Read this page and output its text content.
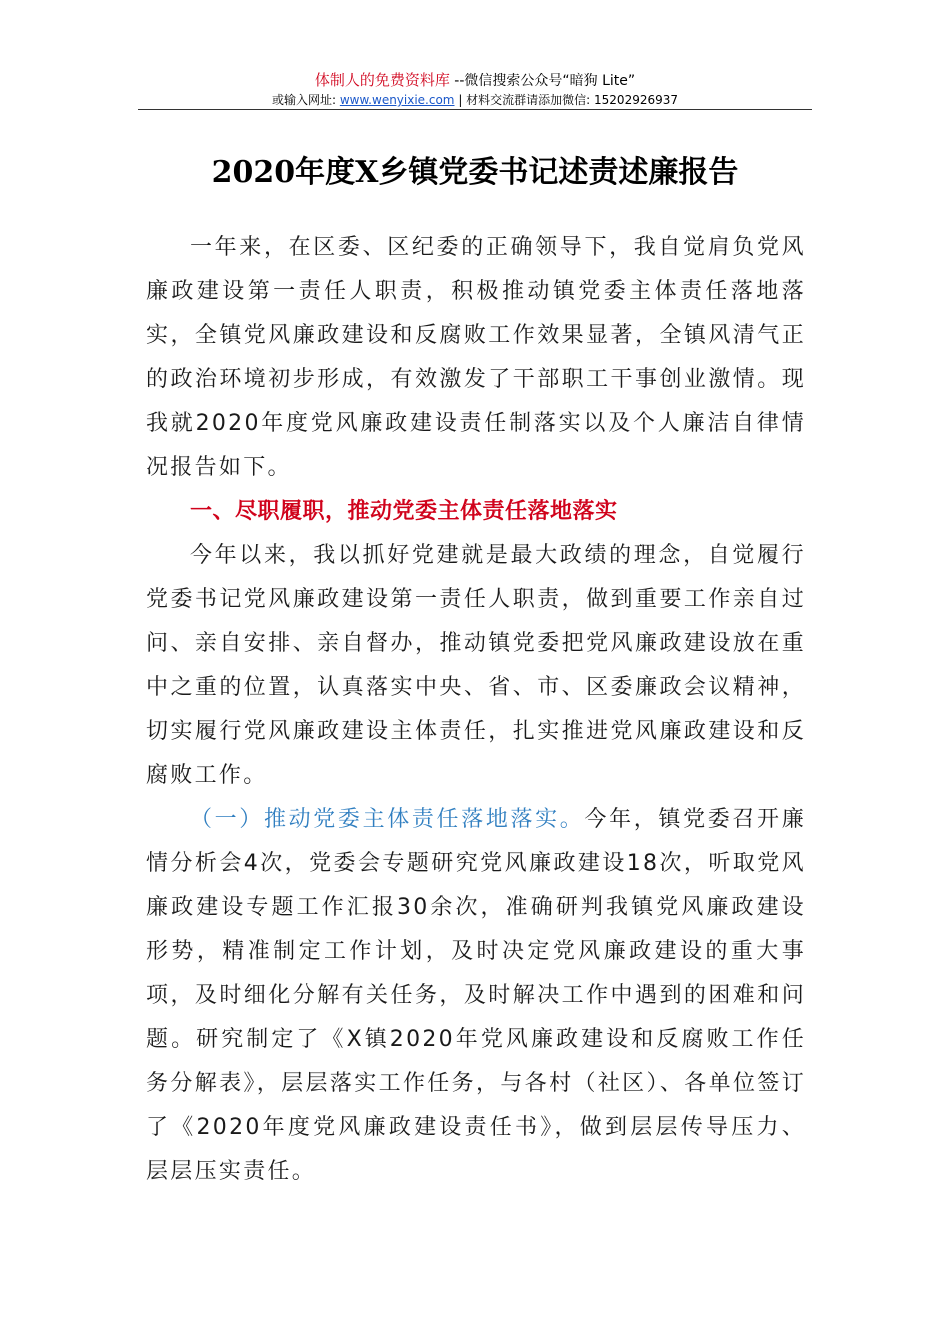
体制人的免费资料库 --微信搜索公众号“暗狗 Lite”
或输入网址: www.wenyixie.com | 材料交流群请添加微信: 15202926937
2020年度X乡镇党委书记述责述廉报告

一年来，在区委、区纪委的正确领导下，我自觉肩负党风廉政建设第一责任人职责，积极推动镇党委主体责任落地落实，全镇党风廉政建设和反腐败工作效果显著，全镇风清气正的政治环境初步形成，有效激发了干部职工干事创业激情。现我就2020年度党风廉政建设责任制落实以及个人廉洁自律情况报告如下。

一、尽职履职，推动党委主体责任落地落实

今年以来，我以抓好党建就是最大政绩的理念，自觉履行党委书记党风廉政建设第一责任人职责，做到重要工作亲自过问、亲自安排、亲自督办，推动镇党委把党风廉政建设放在重中之重的位置，认真落实中央、省、市、区委廉政会议精神，切实履行党风廉政建设主体责任，扎实推进党风廉政建设和反腐败工作。

（一）推动党委主体责任落地落实。今年，镇党委召开廉情分析会4次，党委会专题研究党风廉政建设18次，听取党风廉政建设专题工作汇报30余次，准确研判我镇党风廉政建设形势，精准制定工作计划，及时决定党风廉政建设的重大事项，及时细化分解有关任务，及时解决工作中遇到的困难和问题。研究制定了《X镇2020年党风廉政建设和反腐败工作任务分解表》，层层落实工作任务，与各村（社区）、各单位签订了《2020年度党风廉政建设责任书》，做到层层传导压力、层层压实责任。
